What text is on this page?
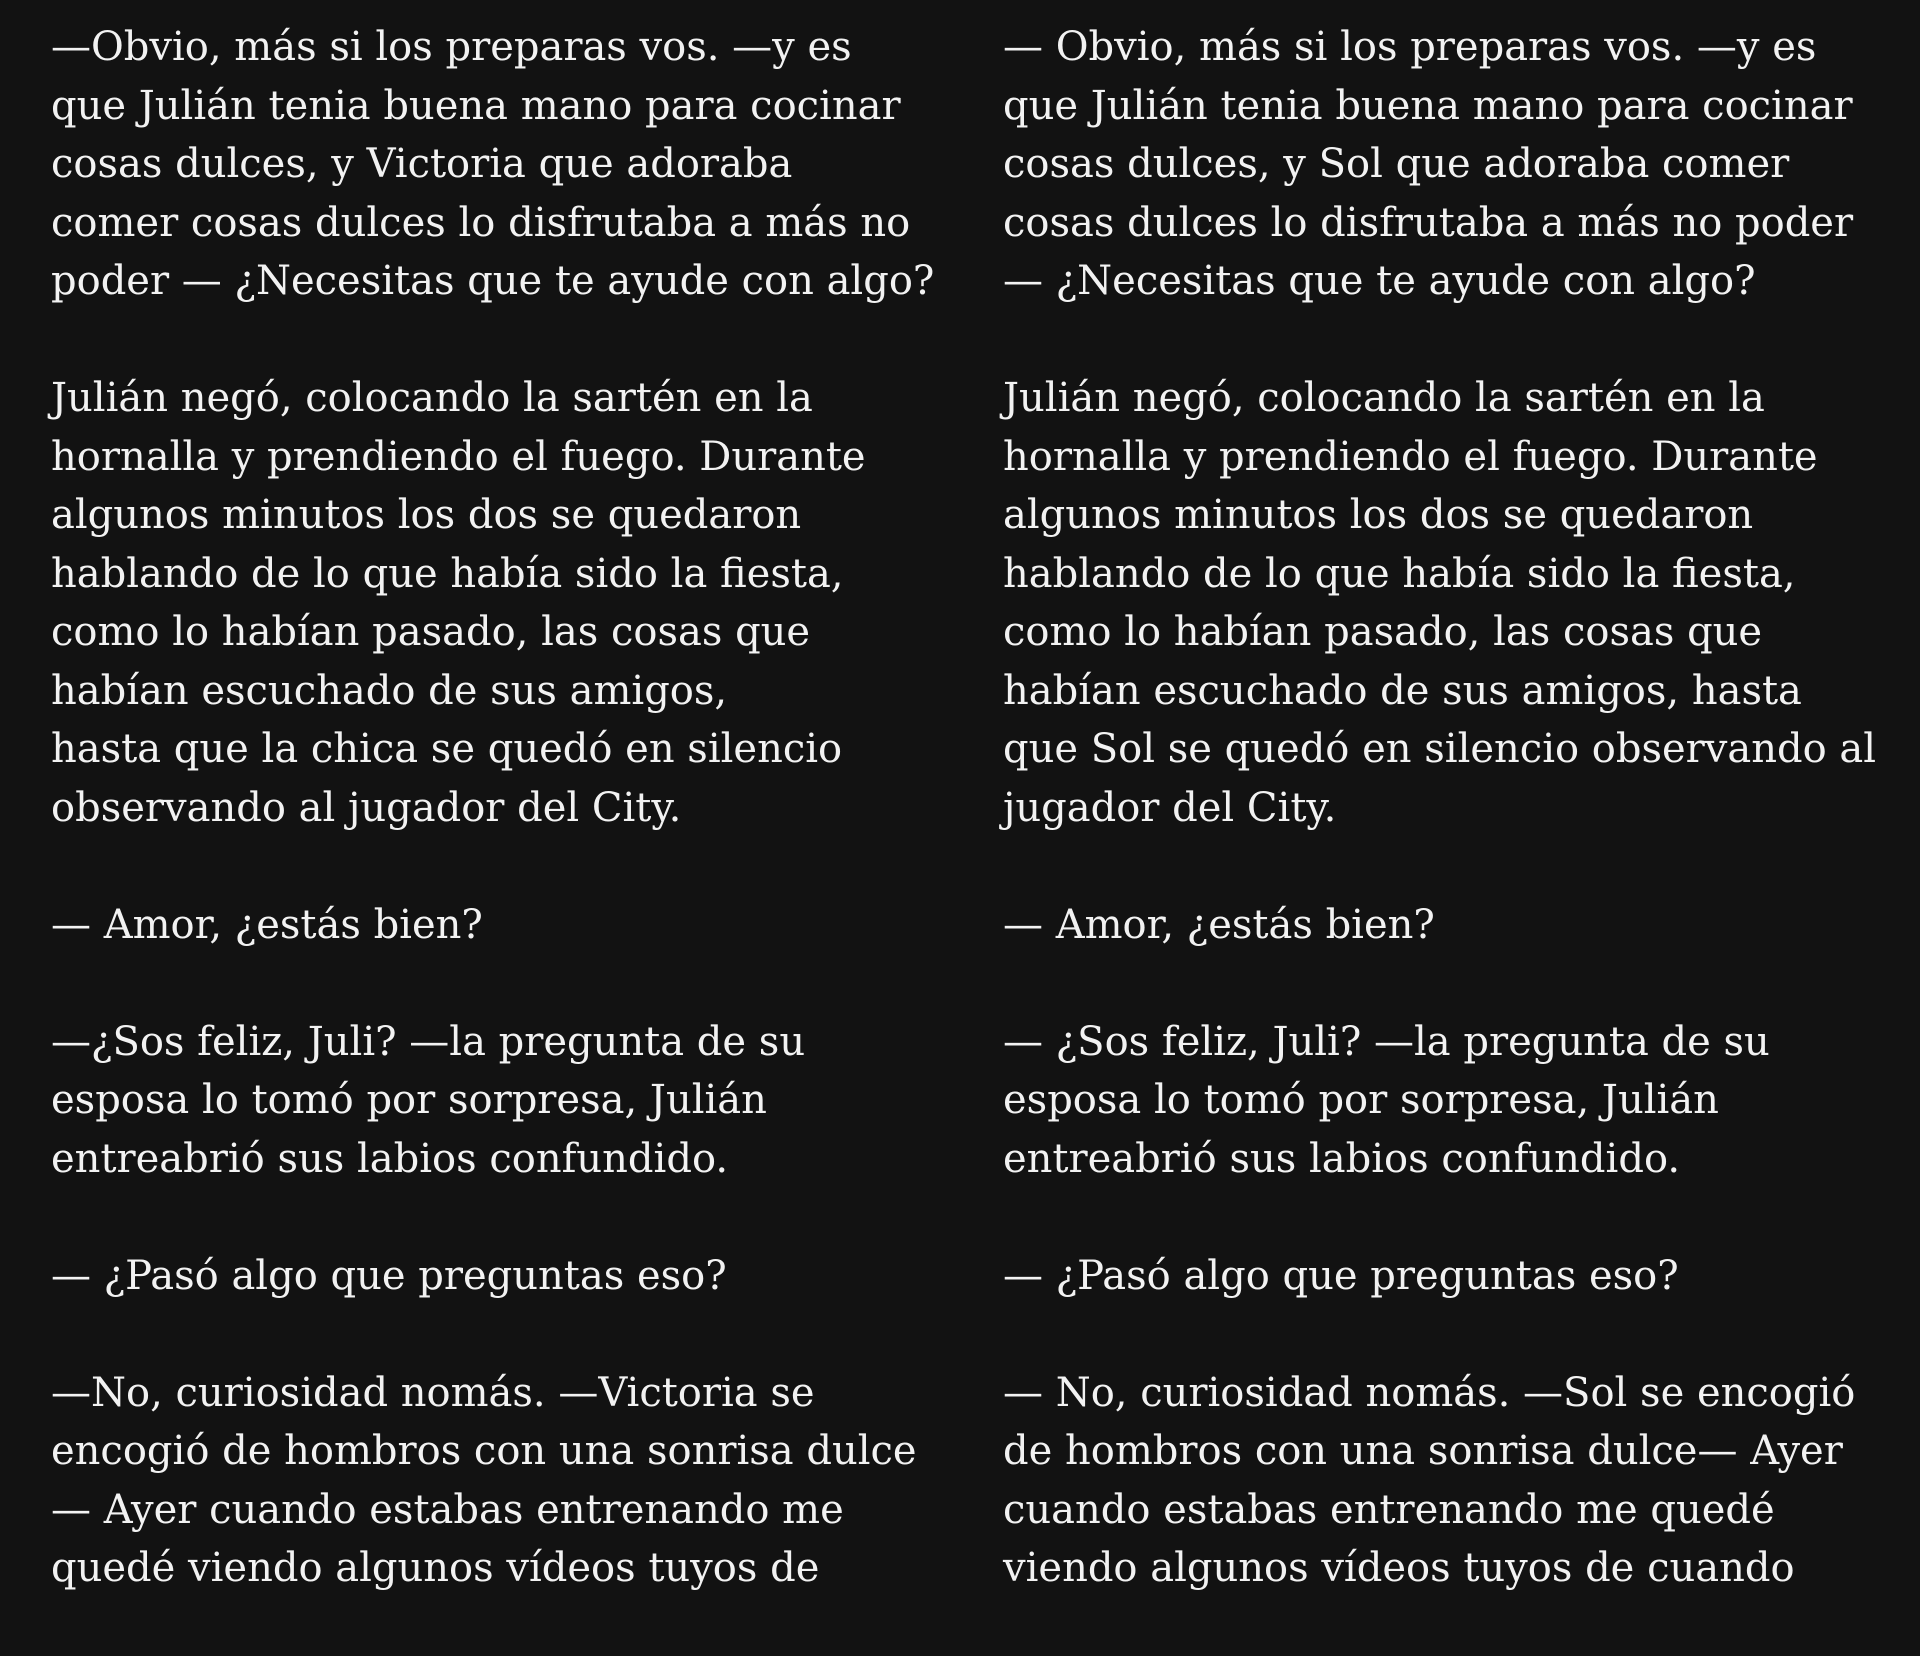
—Obvio, más si los preparas vos. —y es
que Julián tenia buena mano para cocinar
cosas dulces, y Victoria que adoraba
comer cosas dulces lo disfrutaba a más no
poder — ¿Necesitas que te ayude con algo?

Julián negó, colocando la sartén en la
hornalla y prendiendo el fuego. Durante
algunos minutos los dos se quedaron
hablando de lo que había sido la fiesta,
como lo habían pasado, las cosas que
habían escuchado de sus amigos,
hasta que la chica se quedó en silencio
observando al jugador del City.

— Amor, ¿estás bien?

—¿Sos feliz, Juli? —la pregunta de su
esposa lo tomó por sorpresa, Julián
entreabrió sus labios confundido.

— ¿Pasó algo que preguntas eso?

—No, curiosidad nomás. —Victoria se
encogió de hombros con una sonrisa dulce
— Ayer cuando estabas entrenando me
quedé viendo algunos vídeos tuyos de

— Obvio, más si los preparas vos. —y es
que Julián tenia buena mano para cocinar
cosas dulces, y Sol que adoraba comer
cosas dulces lo disfrutaba a más no poder
— ¿Necesitas que te ayude con algo?

Julián negó, colocando la sartén en la
hornalla y prendiendo el fuego. Durante
algunos minutos los dos se quedaron
hablando de lo que había sido la fiesta,
como lo habían pasado, las cosas que
habían escuchado de sus amigos, hasta
que Sol se quedó en silencio observando al
jugador del City.

— Amor, ¿estás bien?

— ¿Sos feliz, Juli? —la pregunta de su
esposa lo tomó por sorpresa, Julián
entreabrió sus labios confundido.

— ¿Pasó algo que preguntas eso?

— No, curiosidad nomás. —Sol se encogió
de hombros con una sonrisa dulce— Ayer
cuando estabas entrenando me quedé
viendo algunos vídeos tuyos de cuando
